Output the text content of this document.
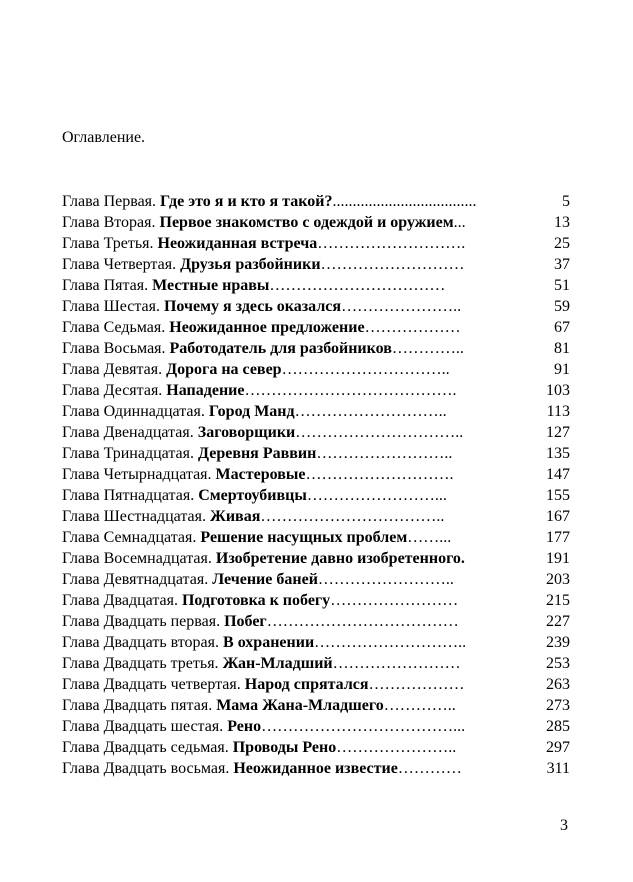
Оглавление.
Глава Первая. Где это я и кто я такой?....................................	5
Глава Вторая. Первое знакомство с одеждой и оружием...	13
Глава Третья. Неожиданная встреча……………………….	25
Глава Четвертая. Друзья разбойники………………………	37
Глава Пятая. Местные нравы……………………………	51
Глава Шестая. Почему я здесь оказался…………………..	59
Глава Седьмая. Неожиданное предложение………………	67
Глава Восьмая. Работодатель для разбойников…………..	81
Глава Девятая. Дорога на север…………………………..	91
Глава Десятая. Нападение………………………………….	103
Глава Одиннадцатая. Город Манд………………………..	113
Глава Двенадцатая. Заговорщики…………………………..	127
Глава Тринадцатая. Деревня Раввин……………………..	135
Глава Четырнадцатая. Мастеровые……………………….	147
Глава Пятнадцатая. Смертоубивцы……………………...	155
Глава Шестнадцатая. Живая……………………………..	167
Глава Семнадцатая. Решение насущных проблем……...	177
Глава Восемнадцатая. Изобретение давно изобретенного.	191
Глава Девятнадцатая. Лечение баней……………………..	203
Глава Двадцатая. Подготовка к побегу……………………	215
Глава Двадцать первая. Побег………………………………	227
Глава Двадцать вторая. В охранении………………………..	239
Глава Двадцать третья. Жан-Младший……………………	253
Глава Двадцать четвертая. Народ спрятался………………	263
Глава Двадцать пятая. Мама Жана-Младшего…………..	273
Глава Двадцать шестая. Рено………………………………...	285
Глава Двадцать седьмая. Проводы Рено…………………..	297
Глава Двадцать восьмая. Неожиданное известие…………	311
3
